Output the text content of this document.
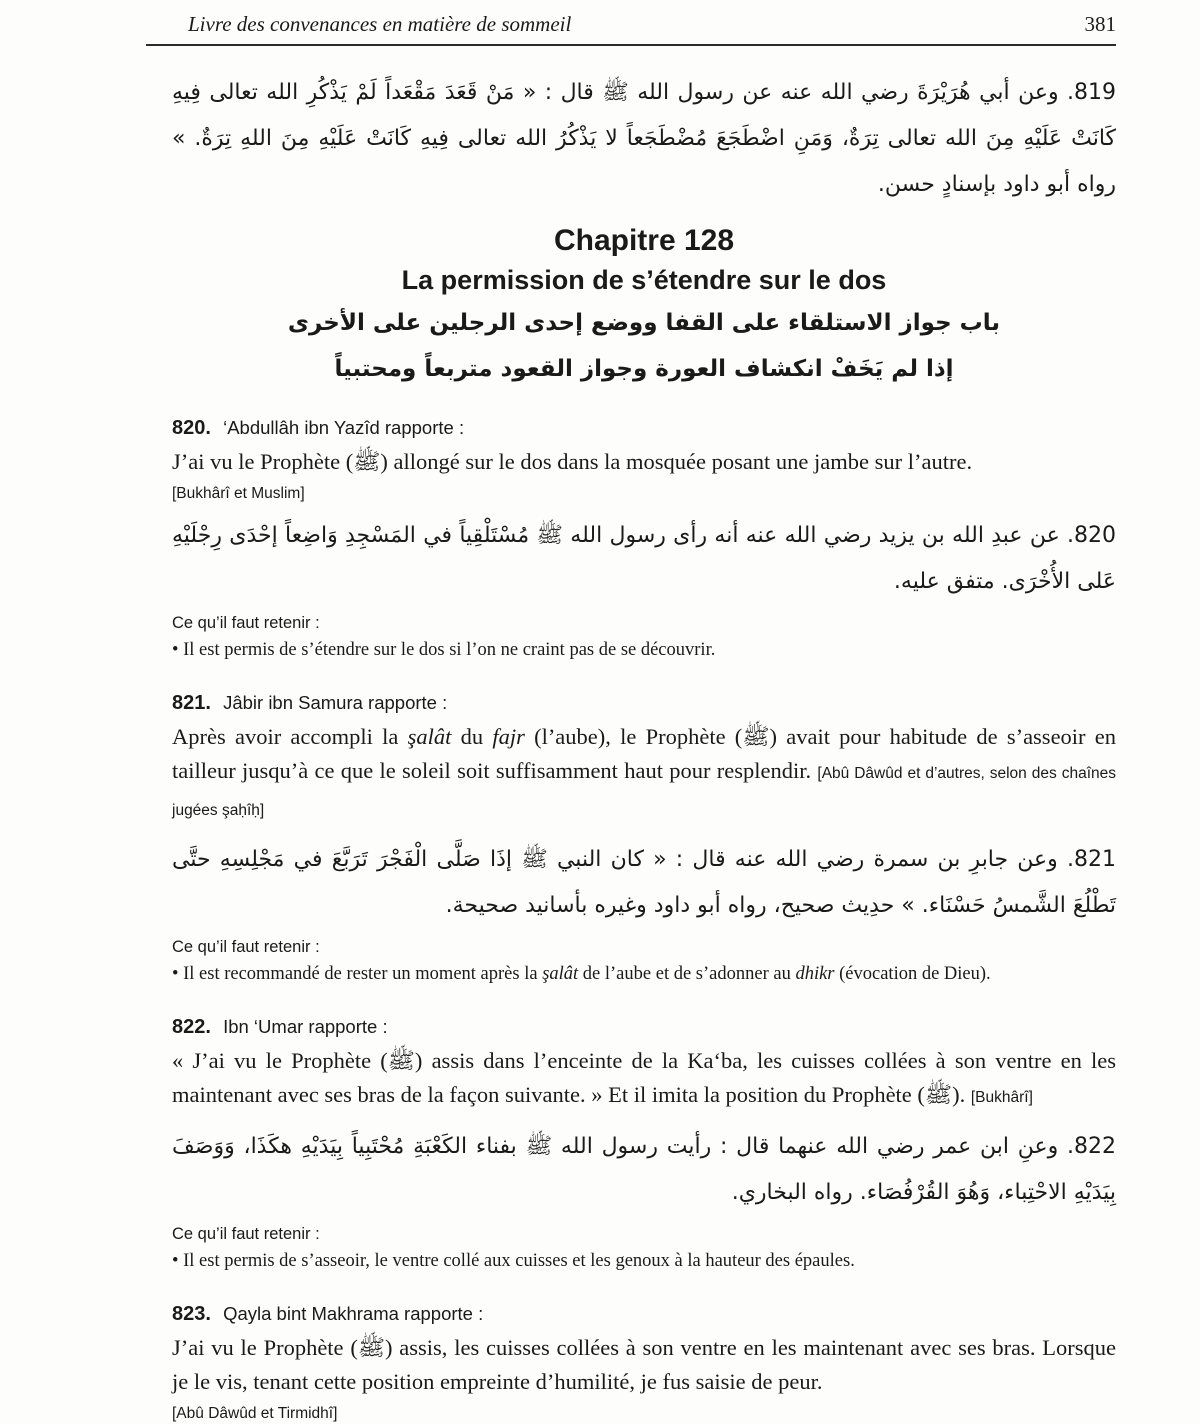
Livre des convenances en matière de sommeil	381

819. وعن أبي هُرَيْرَةَ رضي الله عنه عن رسول الله ﷺ قال : « مَنْ قَعَدَ مَقْعَداً لَمْ يَذْكُرِ الله تعالى فِيهِ كَانَتْ عَلَيْهِ مِنَ الله تعالى تِرَةٌ، وَمَنِ اضْطَجَعَ مُضْطَجَعاً لا يَذْكُرُ الله تعالى فِيهِ كَانَتْ عَلَيْهِ مِنَ اللهِ تِرَةٌ. » رواه أبو داود بإسنادٍ حسن.

Chapitre 128
La permission de s’étendre sur le dos
باب جواز الاستلقاء على القفا ووضع إحدى الرجلين على الأخرى
إذا لم يَخَفْ انكشاف العورة وجواز القعود متربعاً ومحتبياً
820. ‘Abdullâh ibn Yazîd rapporte :

J’ai vu le Prophète (ﷺ) allongé sur le dos dans la mosquée posant une jambe sur l’autre.

[Bukhârî et Muslim]

820. عن عبدِ الله بن يزيد رضي الله عنه أنه رأى رسول الله ﷺ مُسْتَلْقِياً في المَسْجِدِ وَاضِعاً إحْدَى رِجْلَيْهِ عَلى الأُخْرَى. متفق عليه.

Ce qu’il faut retenir :
• Il est permis de s’étendre sur le dos si l’on ne craint pas de se découvrir.
821. Jâbir ibn Samura rapporte :

Après avoir accompli la şalât du fajr (l’aube), le Prophète (ﷺ) avait pour habitude de s’asseoir en tailleur jusqu’à ce que le soleil soit suffisamment haut pour resplendir. [Abû Dâwûd et d’autres, selon des chaînes jugées şaḥîḥ]

821. وعن جابرِ بن سمرة رضي الله عنه قال : « كان النبي ﷺ إذَا صَلَّى الْفَجْرَ تَرَبَّعَ في مَجْلِسِهِ حتَّى تَطْلُعَ الشَّمسُ حَسْنَاء. » حدِيث صحيح، رواه أبو داود وغيره بأسانيد صحيحة.

Ce qu’il faut retenir :
• Il est recommandé de rester un moment après la şalât de l’aube et de s’adonner au dhikr (évocation de Dieu).
822. Ibn ‘Umar rapporte :

« J’ai vu le Prophète (ﷺ) assis dans l’enceinte de la Ka‘ba, les cuisses collées à son ventre en les maintenant avec ses bras de la façon suivante. » Et il imita la position du Prophète (ﷺ). [Bukhârî]

822. وعنِ ابن عمر رضي الله عنهما قال : رأيت رسول الله ﷺ بفناء الكَعْبَةِ مُحْتَبِياً بِيَدَيْهِ هكَذَا، وَوَصَفَ بِيَدَيْهِ الاحْتِباء، وَهُوَ القُرْفُصَاء. رواه البخاري.

Ce qu’il faut retenir :
• Il est permis de s’asseoir, le ventre collé aux cuisses et les genoux à la hauteur des épaules.
823. Qayla bint Makhrama rapporte :

J’ai vu le Prophète (ﷺ) assis, les cuisses collées à son ventre en les maintenant avec ses bras. Lorsque je le vis, tenant cette position empreinte d’humilité, je fus saisie de peur.

[Abû Dâwûd et Tirmidhî]
